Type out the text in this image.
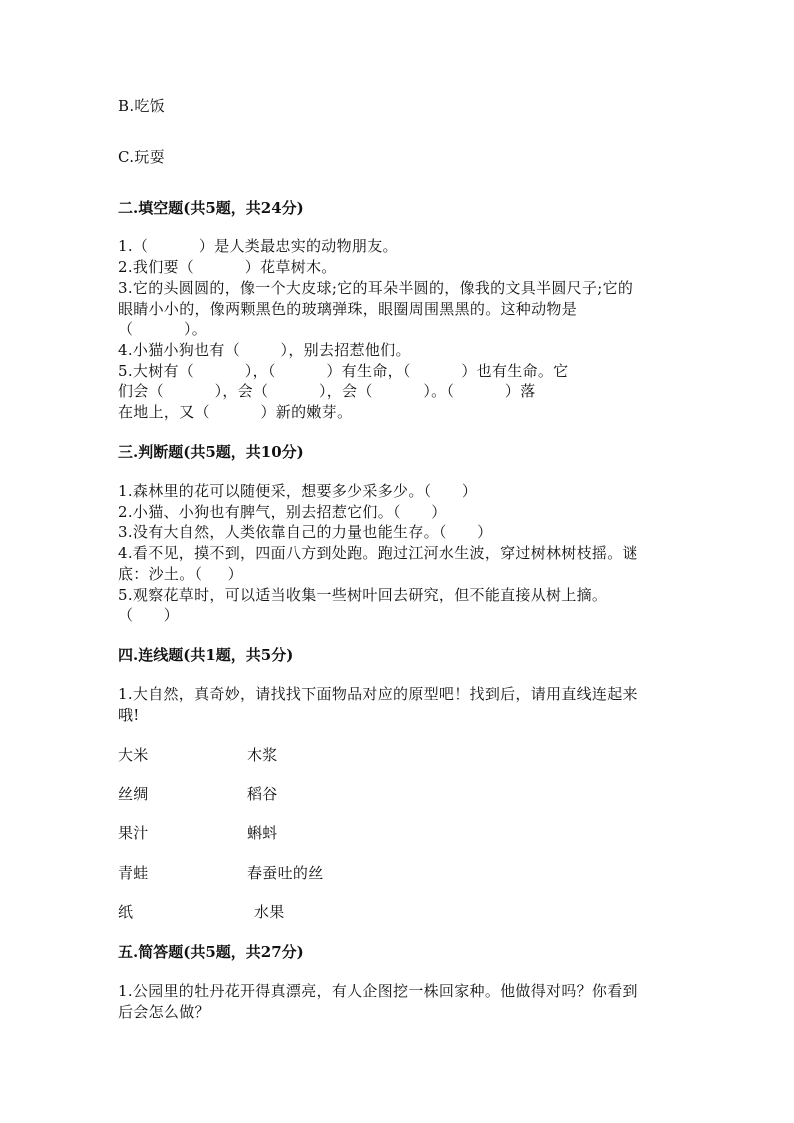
B.吃饭
C.玩耍
二.填空题(共5题，共24分)
1.（          ）是人类最忠实的动物朋友。
2.我们要（          ）花草树木。
3.它的头圆圆的，像一个大皮球;它的耳朵半圆的，像我的文具半圆尺子;它的
眼睛小小的，像两颗黑色的玻璃弹珠，眼圈周围黑黑的。这种动物是
（          ）。
4.小猫小狗也有（        ），别去招惹他们。
5.大树有（          ），（          ）有生命，（          ）也有生命。它
们会（          ），会（          ），会（          ）。（          ）落
在地上，又（          ）新的嫩芽。
三.判断题(共5题，共10分)
1.森林里的花可以随便采，想要多少采多少。（      ）
2.小猫、小狗也有脾气，别去招惹它们。（      ）
3.没有大自然，人类依靠自己的力量也能生存。（      ）
4.看不见，摸不到，四面八方到处跑。跑过江河水生波，穿过树林树枝摇。谜
底：沙土。（     ）
5.观察花草时，可以适当收集一些树叶回去研究，但不能直接从树上摘。
（      ）
四.连线题(共1题，共5分)
1.大自然，真奇妙，请找找下面物品对应的原型吧！找到后，请用直线连起来
哦!
大米	木浆
丝绸	稻谷
果汁	蝌蚪
青蛙	春蚕吐的丝
纸	水果
五.简答题(共5题，共27分)
1.公园里的牡丹花开得真漂亮，有人企图挖一株回家种。他做得对吗？你看到
后会怎么做？
